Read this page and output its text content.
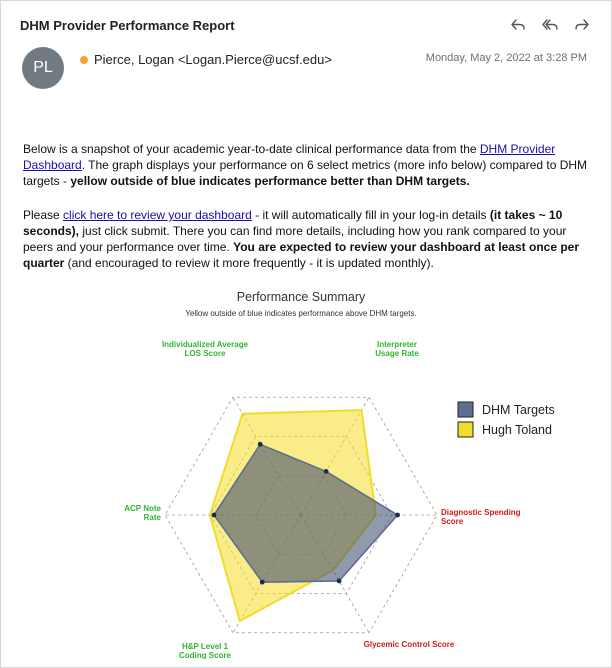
DHM Provider Performance Report
PL	Pierce, Logan <Logan.Pierce@ucsf.edu>	Monday, May 2, 2022 at 3:28 PM
Below is a snapshot of your academic year-to-date clinical performance data from the DHM Provider Dashboard. The graph displays your performance on 6 select metrics (more info below) compared to DHM targets - yellow outside of blue indicates performance better than DHM targets.
Please click here to review your dashboard - it will automatically fill in your log-in details (it takes ~ 10 seconds), just click submit. There you can find more details, including how you rank compared to your peers and your performance over time. You are expected to review your dashboard at least once per quarter (and encouraged to review it more frequently - it is updated monthly).
Performance Summary
Yellow outside of blue indicates performance above DHM targets.
Interpreter Usage Rate
Diagnostic Spending Score
Glycemic Control Score
H&P Level 1 Coding Score
ACP Note Rate
Individualized Average LOS Score
DHM Targets
Hugh Toland
